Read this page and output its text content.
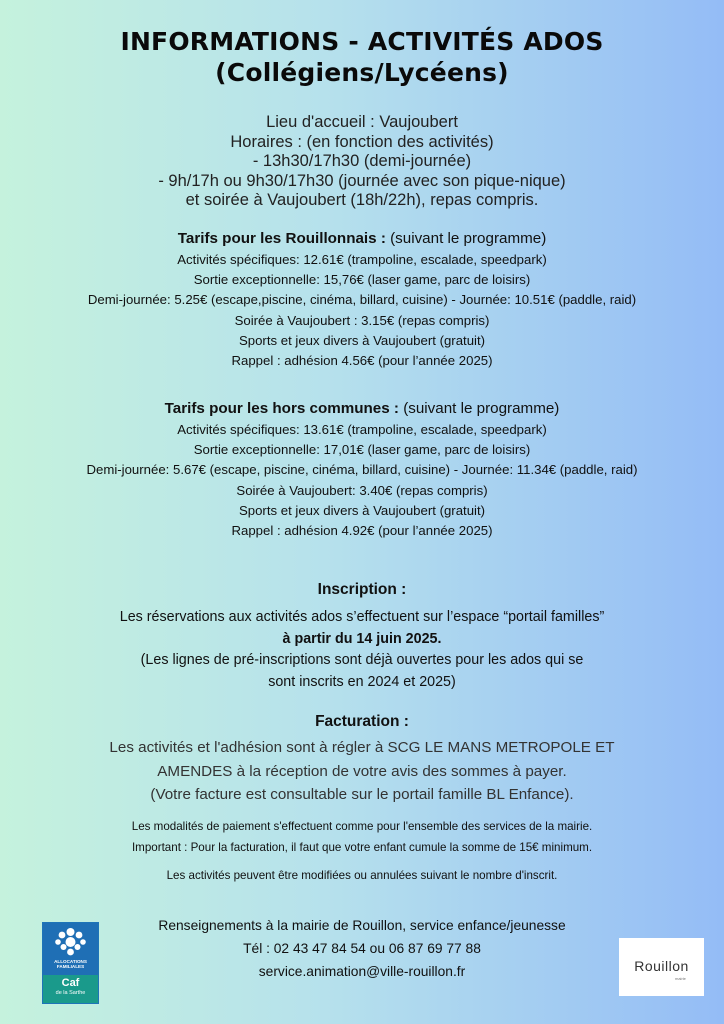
INFORMATIONS - ACTIVITÉS ADOS
(Collégiens/Lycéens)
Lieu d'accueil : Vaujoubert
Horaires : (en fonction des activités)
- 13h30/17h30 (demi-journée)
- 9h/17h ou 9h30/17h30 (journée avec son pique-nique)
et soirée à Vaujoubert (18h/22h), repas compris.
Tarifs pour les Rouillonnais : (suivant le programme)
Activités spécifiques: 12.61€ (trampoline, escalade, speedpark)
Sortie exceptionnelle: 15,76€ (laser game, parc de loisirs)
Demi-journée: 5.25€ (escape,piscine, cinéma, billard, cuisine) - Journée: 10.51€ (paddle, raid)
Soirée à Vaujoubert : 3.15€ (repas compris)
Sports et jeux divers à Vaujoubert (gratuit)
Rappel : adhésion 4.56€ (pour l’année 2025)
Tarifs pour les hors communes : (suivant le programme)
Activités spécifiques: 13.61€ (trampoline, escalade, speedpark)
Sortie exceptionnelle: 17,01€ (laser game, parc de loisirs)
Demi-journée: 5.67€ (escape, piscine, cinéma, billard, cuisine) - Journée: 11.34€ (paddle, raid)
Soirée à Vaujoubert: 3.40€ (repas compris)
Sports et jeux divers à Vaujoubert (gratuit)
Rappel : adhésion 4.92€ (pour l’année 2025)
Inscription :
Les réservations aux activités ados s’effectuent sur l’espace “portail familles”
à partir du 14 juin 2025.
(Les lignes de pré-inscriptions sont déjà ouvertes pour les ados qui se
sont inscrits en 2024 et 2025)
Facturation :
Les activités et l'adhésion sont à régler à SCG LE MANS METROPOLE ET
AMENDES à la réception de votre avis des sommes à payer.
(Votre facture est consultable sur le portail famille BL Enfance).
Les modalités de paiement s'effectuent comme pour l'ensemble des services de la mairie.
Important : Pour la facturation, il faut que votre enfant cumule la somme de 15€ minimum.
Les activités peuvent être modifiées ou annulées suivant le nombre d'inscrit.
Renseignements à la mairie de Rouillon, service enfance/jeunesse
Tél : 02 43 47 84 54 ou 06 87 69 77 88
service.animation@ville-rouillon.fr
ALLOCATIONS
FAMILIALES
Caf
de la Sarthe
Rouillon
mairie
